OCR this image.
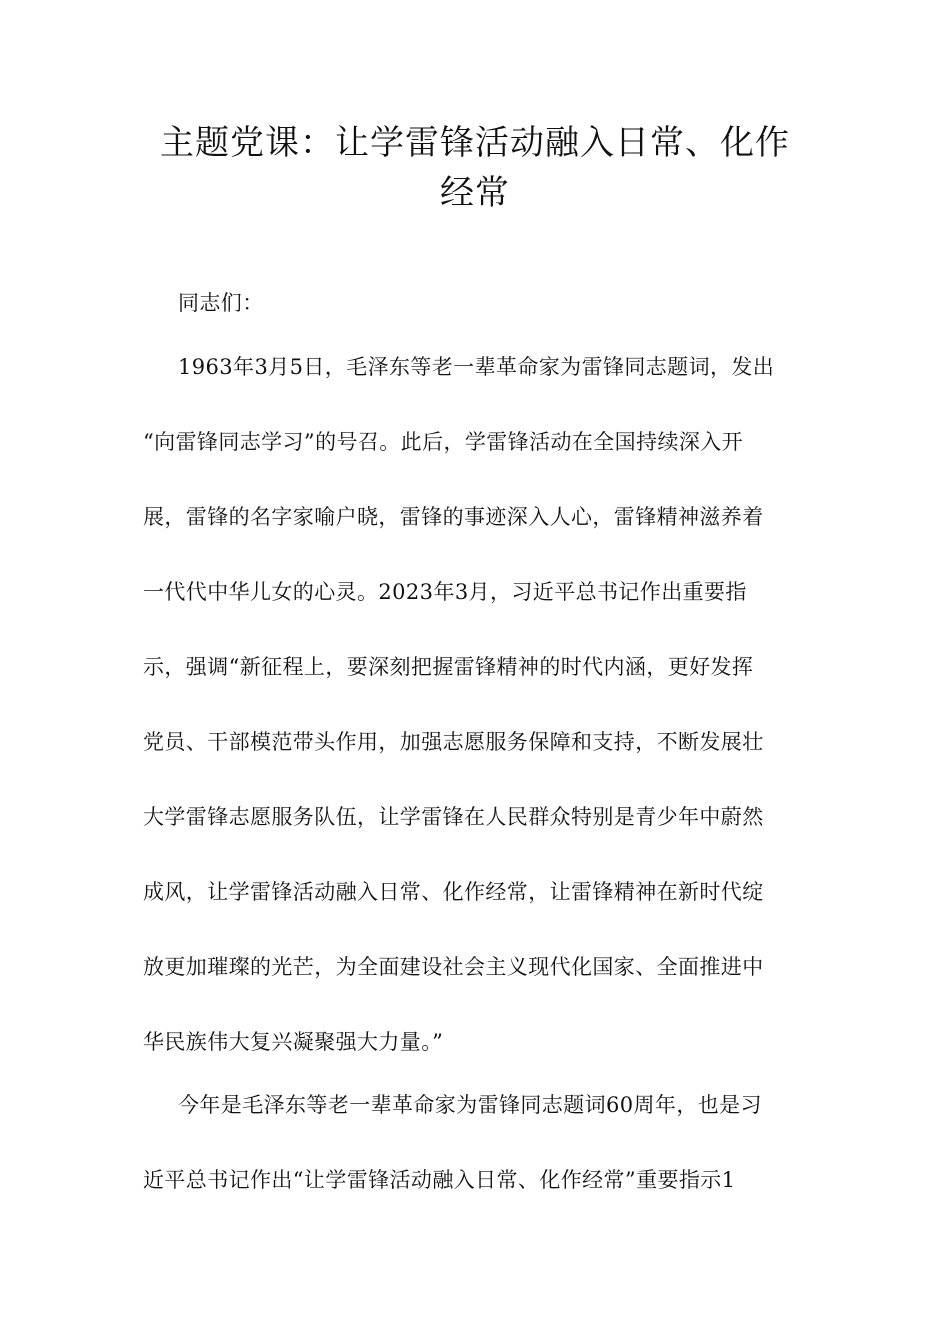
主题党课：让学雷锋活动融入日常、化作
经常
同志们：
1963年3月5日，毛泽东等老一辈革命家为雷锋同志题词，发出
“向雷锋同志学习”的号召。此后，学雷锋活动在全国持续深入开
展，雷锋的名字家喻户晓，雷锋的事迹深入人心，雷锋精神滋养着
一代代中华儿女的心灵。2023年3月，习近平总书记作出重要指
示，强调“新征程上，要深刻把握雷锋精神的时代内涵，更好发挥
党员、干部模范带头作用，加强志愿服务保障和支持，不断发展壮
大学雷锋志愿服务队伍，让学雷锋在人民群众特别是青少年中蔚然
成风，让学雷锋活动融入日常、化作经常，让雷锋精神在新时代绽
放更加璀璨的光芒，为全面建设社会主义现代化国家、全面推进中
华民族伟大复兴凝聚强大力量。”
今年是毛泽东等老一辈革命家为雷锋同志题词60周年，也是习
近平总书记作出“让学雷锋活动融入日常、化作经常”重要指示1
